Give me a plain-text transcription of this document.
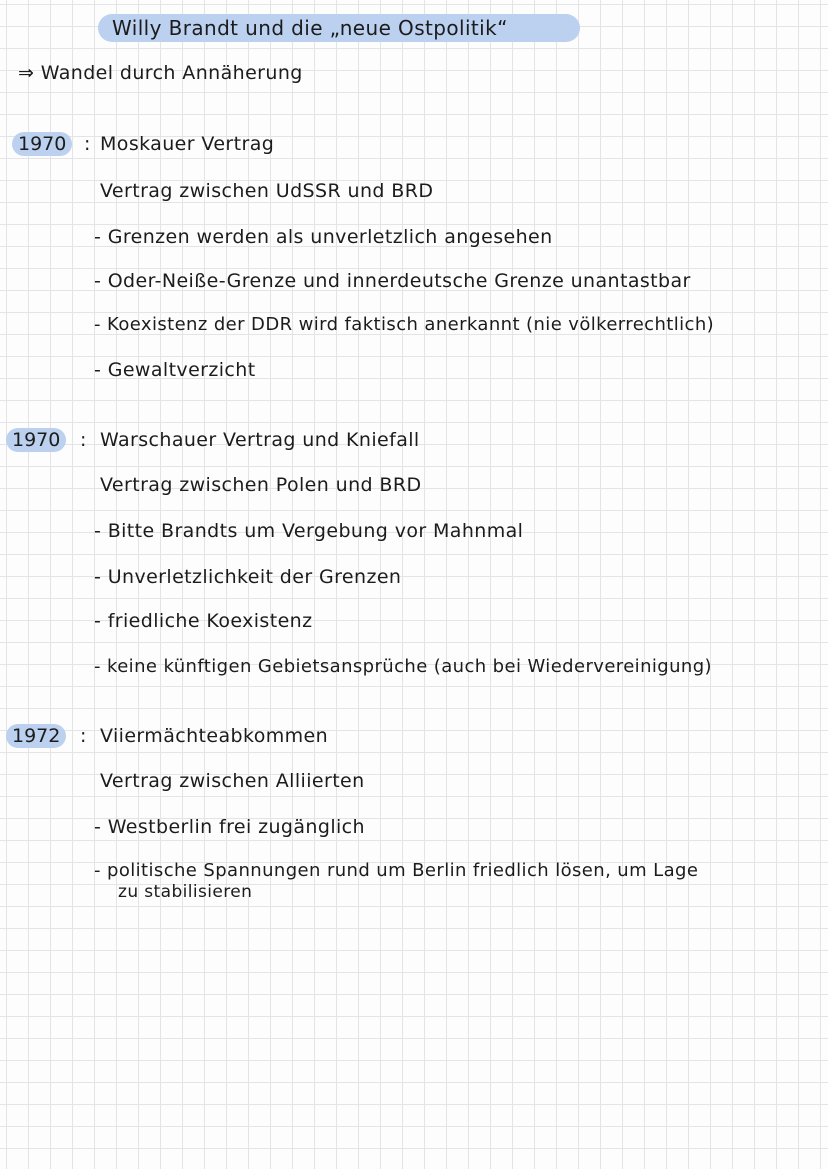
Willy Brandt und die „neue Ostpolitik“
⇒ Wandel durch Annäherung
1970 : Moskauer Vertrag
Vertrag zwischen UdSSR und BRD
- Grenzen werden als unverletzlich angesehen
- Oder-Neiße-Grenze und innerdeutsche Grenze unantastbar
- Koexistenz der DDR wird faktisch anerkannt (nie völkerrechtlich)
- Gewaltverzicht
1970	: Warschauer Vertrag und Kniefall
Vertrag zwischen Polen und BRD
- Bitte Brandts um Vergebung vor Mahnmal
- Unverletzlichkeit der Grenzen
- friedliche Koexistenz
- keine künftigen Gebietsansprüche (auch bei Wiedervereinigung)
1972	: Viiermächteabkommen
Vertrag zwischen Alliierten
- Westberlin frei zugänglich
- politische Spannungen rund um Berlin friedlich lösen, um Lage
zu stabilisieren
